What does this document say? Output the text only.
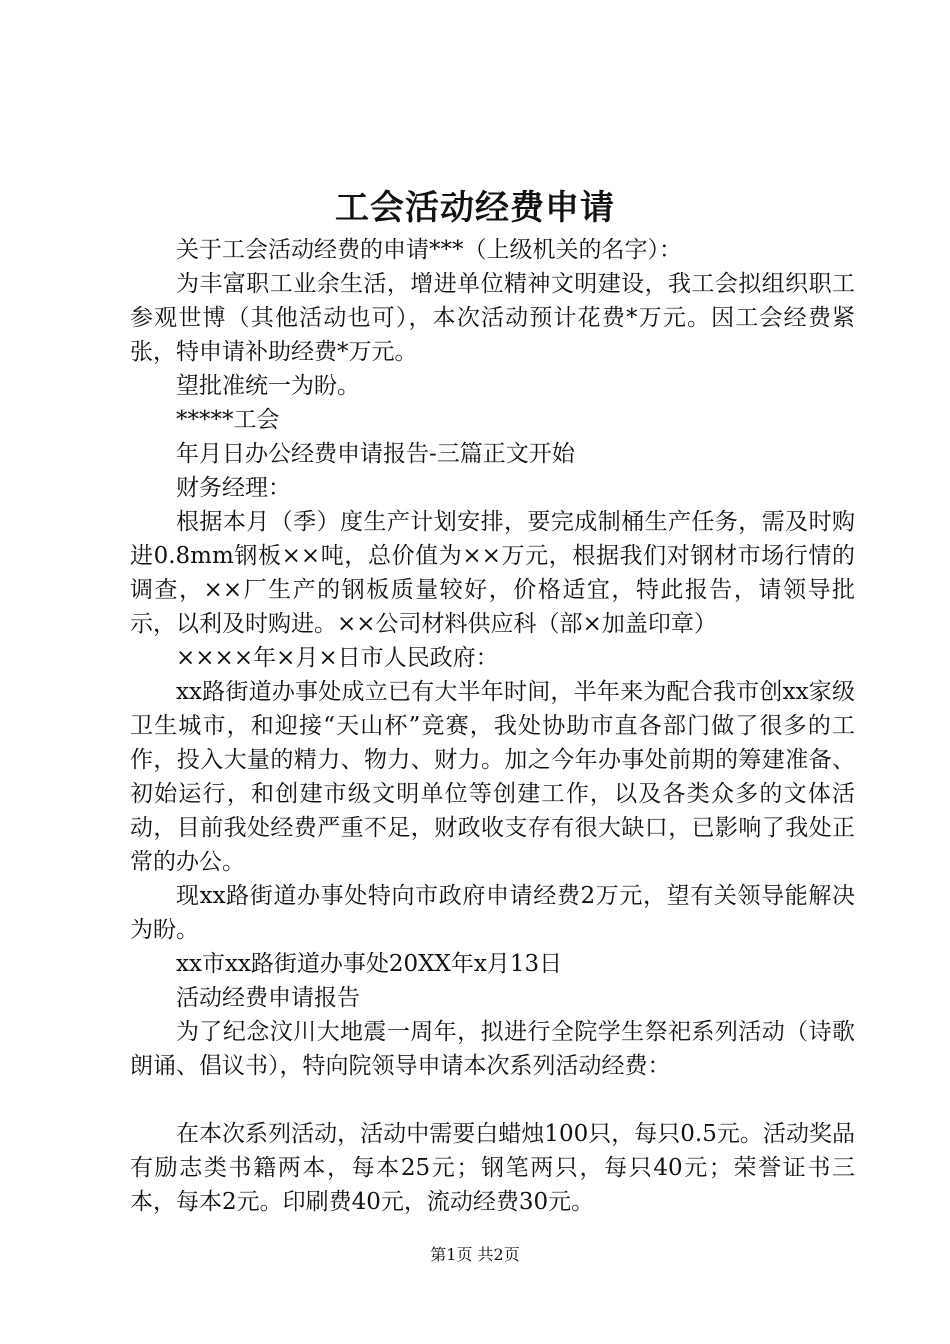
工会活动经费申请

关于工会活动经费的申请***（上级机关的名字）：

为丰富职工业余生活，增进单位精神文明建设，我工会拟组织职工参观世博（其他活动也可），本次活动预计花费*万元。因工会经费紧张，特申请补助经费*万元。

望批准统一为盼。

*****工会

年月日办公经费申请报告-三篇正文开始

财务经理：

根据本月（季）度生产计划安排，要完成制桶生产任务，需及时购进0.8mm钢板××吨，总价值为××万元，根据我们对钢材市场行情的调查，××厂生产的钢板质量较好，价格适宜，特此报告，请领导批示，以利及时购进。××公司材料供应科（部×加盖印章）

××××年×月×日市人民政府：

xx路街道办事处成立已有大半年时间，半年来为配合我市创xx家级卫生城市，和迎接“天山杯”竞赛，我处协助市直各部门做了很多的工作，投入大量的精力、物力、财力。加之今年办事处前期的筹建准备、初始运行，和创建市级文明单位等创建工作，以及各类众多的文体活动，目前我处经费严重不足，财政收支存有很大缺口，已影响了我处正常的办公。

现xx路街道办事处特向市政府申请经费2万元，望有关领导能解决为盼。

xx市xx路街道办事处20XX年x月13日

活动经费申请报告

为了纪念汶川大地震一周年，拟进行全院学生祭祀系列活动（诗歌朗诵、倡议书），特向院领导申请本次系列活动经费：

在本次系列活动，活动中需要白蜡烛100只，每只0.5元。活动奖品有励志类书籍两本，每本25元；钢笔两只，每只40元；荣誉证书三本，每本2元。印刷费40元，流动经费30元。

第1页 共2页
